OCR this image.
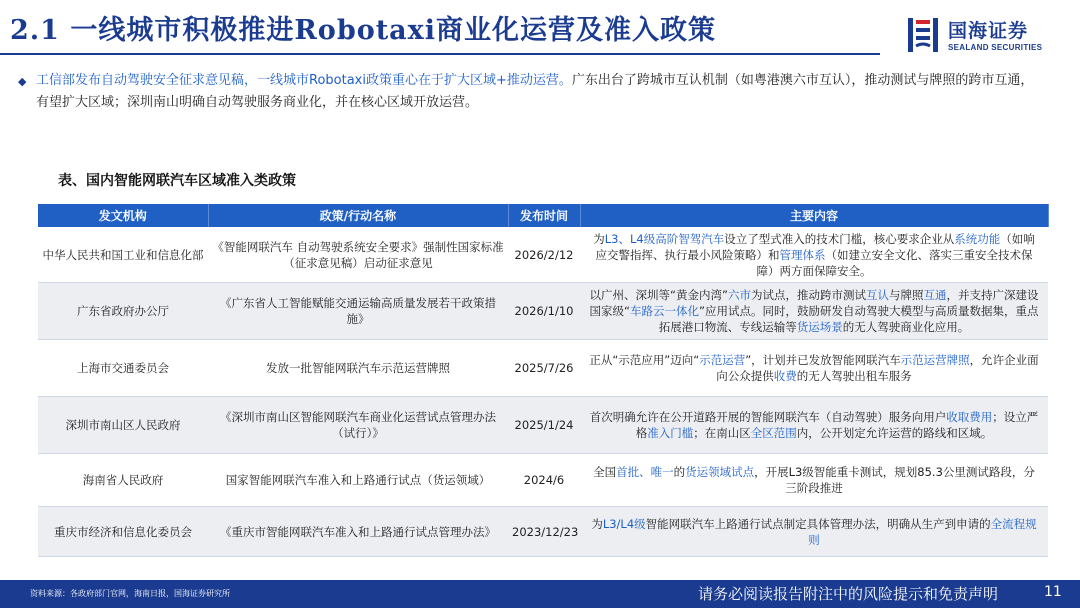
2.1 一线城市积极推进Robotaxi商业化运营及准入政策	国海证券
SEALAND SECURITIES
◆ 工信部发布自动驾驶安全征求意见稿，一线城市Robotaxi政策重心在于扩大区域+推动运营。广东出台了跨城市互认机制（如粤港澳六市互认），推动测试与牌照的跨市互通，有望扩大区域；深圳南山明确自动驾驶服务商业化，并在核心区域开放运营。
表、国内智能网联汽车区域准入类政策
发文机构	政策/行动名称	发布时间	主要内容
中华人民共和国工业和信息化部	《智能网联汽车 自动驾驶系统安全要求》强制性国家标准（征求意见稿）启动征求意见	2026/2/12	为L3、L4级高阶智驾汽车设立了型式准入的技术门槛，核心要求企业从系统功能（如响应交警指挥、执行最小风险策略）和管理体系（如建立安全文化、落实三重安全技术保障）两方面保障安全。
广东省政府办公厅	《广东省人工智能赋能交通运输高质量发展若干政策措施》	2026/1/10	以广州、深圳等“黄金内湾”六市为试点，推动跨市测试互认与牌照互通，并支持广深建设国家级“车路云一体化”应用试点。同时，鼓励研发自动驾驶大模型与高质量数据集，重点拓展港口物流、专线运输等货运场景的无人驾驶商业化应用。
上海市交通委员会	发放一批智能网联汽车示范运营牌照	2025/7/26	正从“示范应用”迈向“示范运营”，计划并已发放智能网联汽车示范运营牌照，允许企业面向公众提供收费的无人驾驶出租车服务
深圳市南山区人民政府	《深圳市南山区智能网联汽车商业化运营试点管理办法（试行）》	2025/1/24	首次明确允许在公开道路开展的智能网联汽车（自动驾驶）服务向用户收取费用；设立严格准入门槛；在南山区全区范围内，公开划定允许运营的路线和区域。
海南省人民政府	国家智能网联汽车准入和上路通行试点（货运领域）	2024/6	全国首批、唯一的货运领域试点，开展L3级智能重卡测试，规划85.3公里测试路段，分三阶段推进
重庆市经济和信息化委员会	《重庆市智能网联汽车准入和上路通行试点管理办法》	2023/12/23	为L3/L4级智能网联汽车上路通行试点制定具体管理办法，明确从生产到申请的全流程规则
资料来源：各政府部门官网，海南日报，国海证券研究所	请务必阅读报告附注中的风险提示和免责声明	11
